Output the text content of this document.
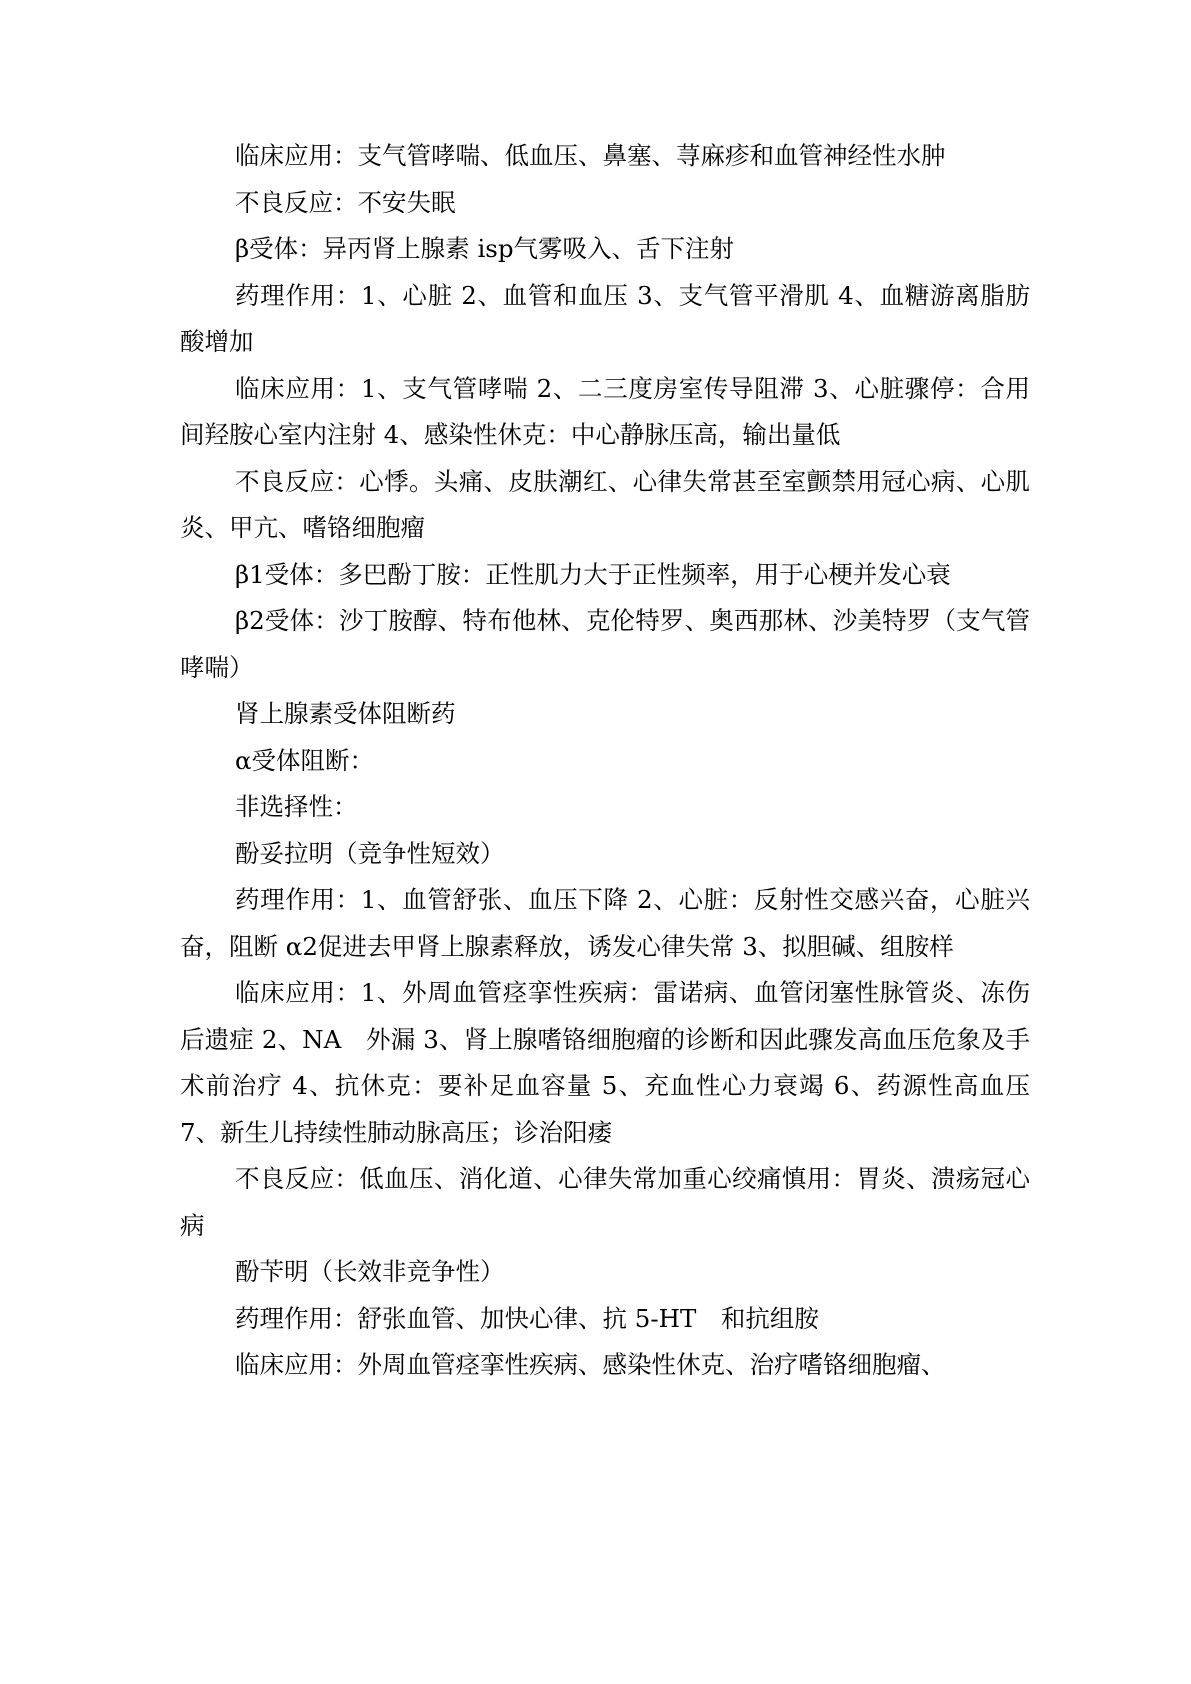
临床应用：支气管哮喘、低血压、鼻塞、荨麻疹和血管神经性水肿

不良反应：不安失眠

β受体：异丙肾上腺素 isp气雾吸入、舌下注射

药理作用：1、心脏 2、血管和血压 3、支气管平滑肌 4、血糖游离脂肪酸增加

临床应用：1、支气管哮喘 2、二三度房室传导阻滞 3、心脏骤停：合用间羟胺心室内注射 4、感染性休克：中心静脉压高，输出量低

不良反应：心悸。头痛、皮肤潮红、心律失常甚至室颤禁用冠心病、心肌炎、甲亢、嗜铬细胞瘤

β1受体：多巴酚丁胺：正性肌力大于正性频率，用于心梗并发心衰

β2受体：沙丁胺醇、特布他林、克伦特罗、奥西那林、沙美特罗（支气管哮喘）

肾上腺素受体阻断药

α受体阻断：

非选择性：

酚妥拉明（竞争性短效）

药理作用：1、血管舒张、血压下降 2、心脏：反射性交感兴奋，心脏兴奋，阻断 α2促进去甲肾上腺素释放，诱发心律失常 3、拟胆碱、组胺样

临床应用：1、外周血管痉挛性疾病：雷诺病、血管闭塞性脉管炎、冻伤后遗症 2、NA　外漏 3、肾上腺嗜铬细胞瘤的诊断和因此骤发高血压危象及手术前治疗 4、抗休克：要补足血容量 5、充血性心力衰竭 6、药源性高血压 7、新生儿持续性肺动脉高压；诊治阳痿

不良反应：低血压、消化道、心律失常加重心绞痛慎用：胃炎、溃疡冠心病

酚苄明（长效非竞争性）

药理作用：舒张血管、加快心律、抗 5-HT　和抗组胺

临床应用：外周血管痉挛性疾病、感染性休克、治疗嗜铬细胞瘤、
